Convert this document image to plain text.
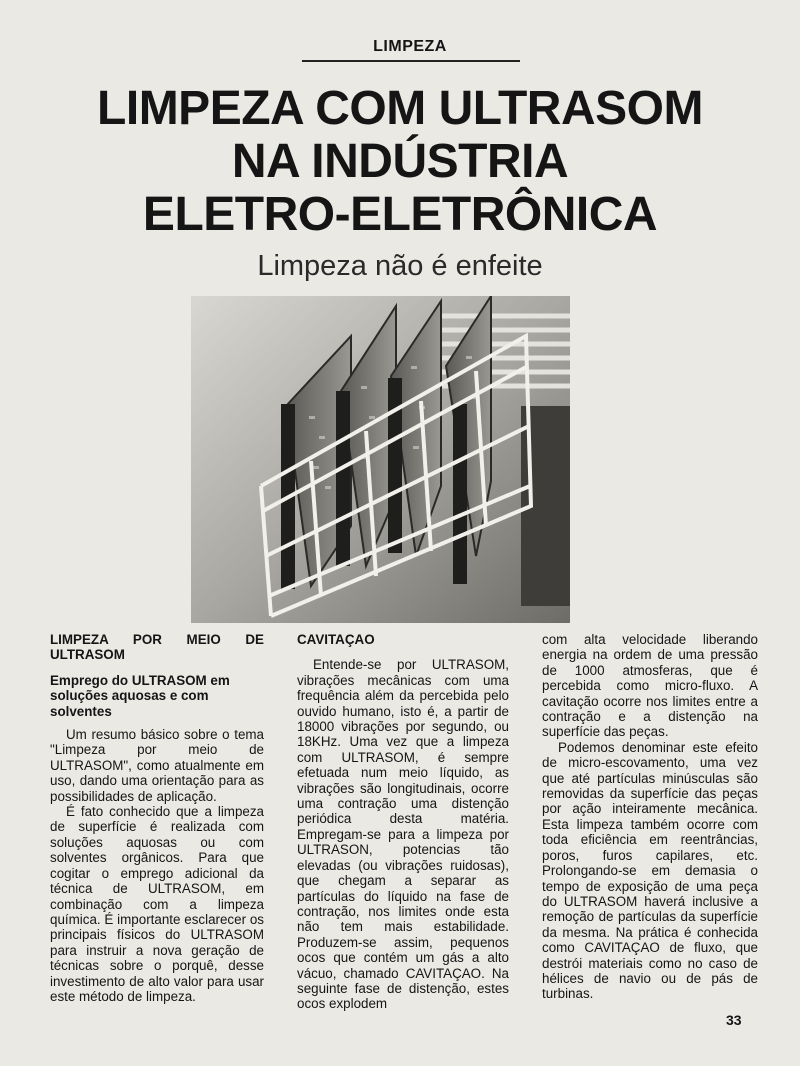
LIMPEZA
LIMPEZA COM ULTRASOM
NA INDÚSTRIA
ELETRO-ELETRÔNICA
Limpeza não é enfeite

LIMPEZA POR MEIO DE ULTRASOM

Emprego do ULTRASOM em soluções aquosas e com solventes

Um resumo básico sobre o tema "Limpeza por meio de ULTRASOM", como atualmente em uso, dando uma orientação para as possibilidades de aplicação.

É fato conhecido que a limpeza de superfície é realizada com soluções aquosas ou com solventes orgânicos. Para que cogitar o emprego adicional da técnica de ULTRASOM, em combinação com a limpeza química. É importante esclarecer os principais físicos do ULTRASOM para instruir a nova geração de técnicas sobre o porquê, desse investimento de alto valor para usar este método de limpeza.

CAVITAÇAO

Entende-se por ULTRASOM, vibrações mecânicas com uma frequência além da percebida pelo ouvido humano, isto é, a partir de 18000 vibrações por segundo, ou 18KHz. Uma vez que a limpeza com ULTRASOM, é sempre efetuada num meio líquido, as vibrações são longitudinais, ocorre uma contração uma distenção periódica desta matéria. Empregam-se para a limpeza por ULTRASON, potencias tão elevadas (ou vibrações ruidosas), que chegam a separar as partículas do líquido na fase de contração, nos limites onde esta não tem mais estabilidade. Produzem-se assim, pequenos ocos que contém um gás a alto vácuo, chamado CAVITAÇAO. Na seguinte fase de distenção, estes ocos explodem

com alta velocidade liberando energia na ordem de uma pressão de 1000 atmosferas, que é percebida como micro-fluxo. A cavitação ocorre nos limites entre a contração e a distenção na superfície das peças.

Podemos denominar este efeito de micro-escovamento, uma vez que até partículas minúsculas são removidas da superfície das peças por ação inteiramente mecânica. Esta limpeza também ocorre com toda eficiência em reentrâncias, poros, furos capilares, etc. Prolongando-se em demasia o tempo de exposição de uma peça do ULTRASOM haverá inclusive a remoção de partículas da superfície da mesma. Na prática é conhecida como CAVITAÇAO de fluxo, que destrói materiais como no caso de hélices de navio ou de pás de turbinas.

33
